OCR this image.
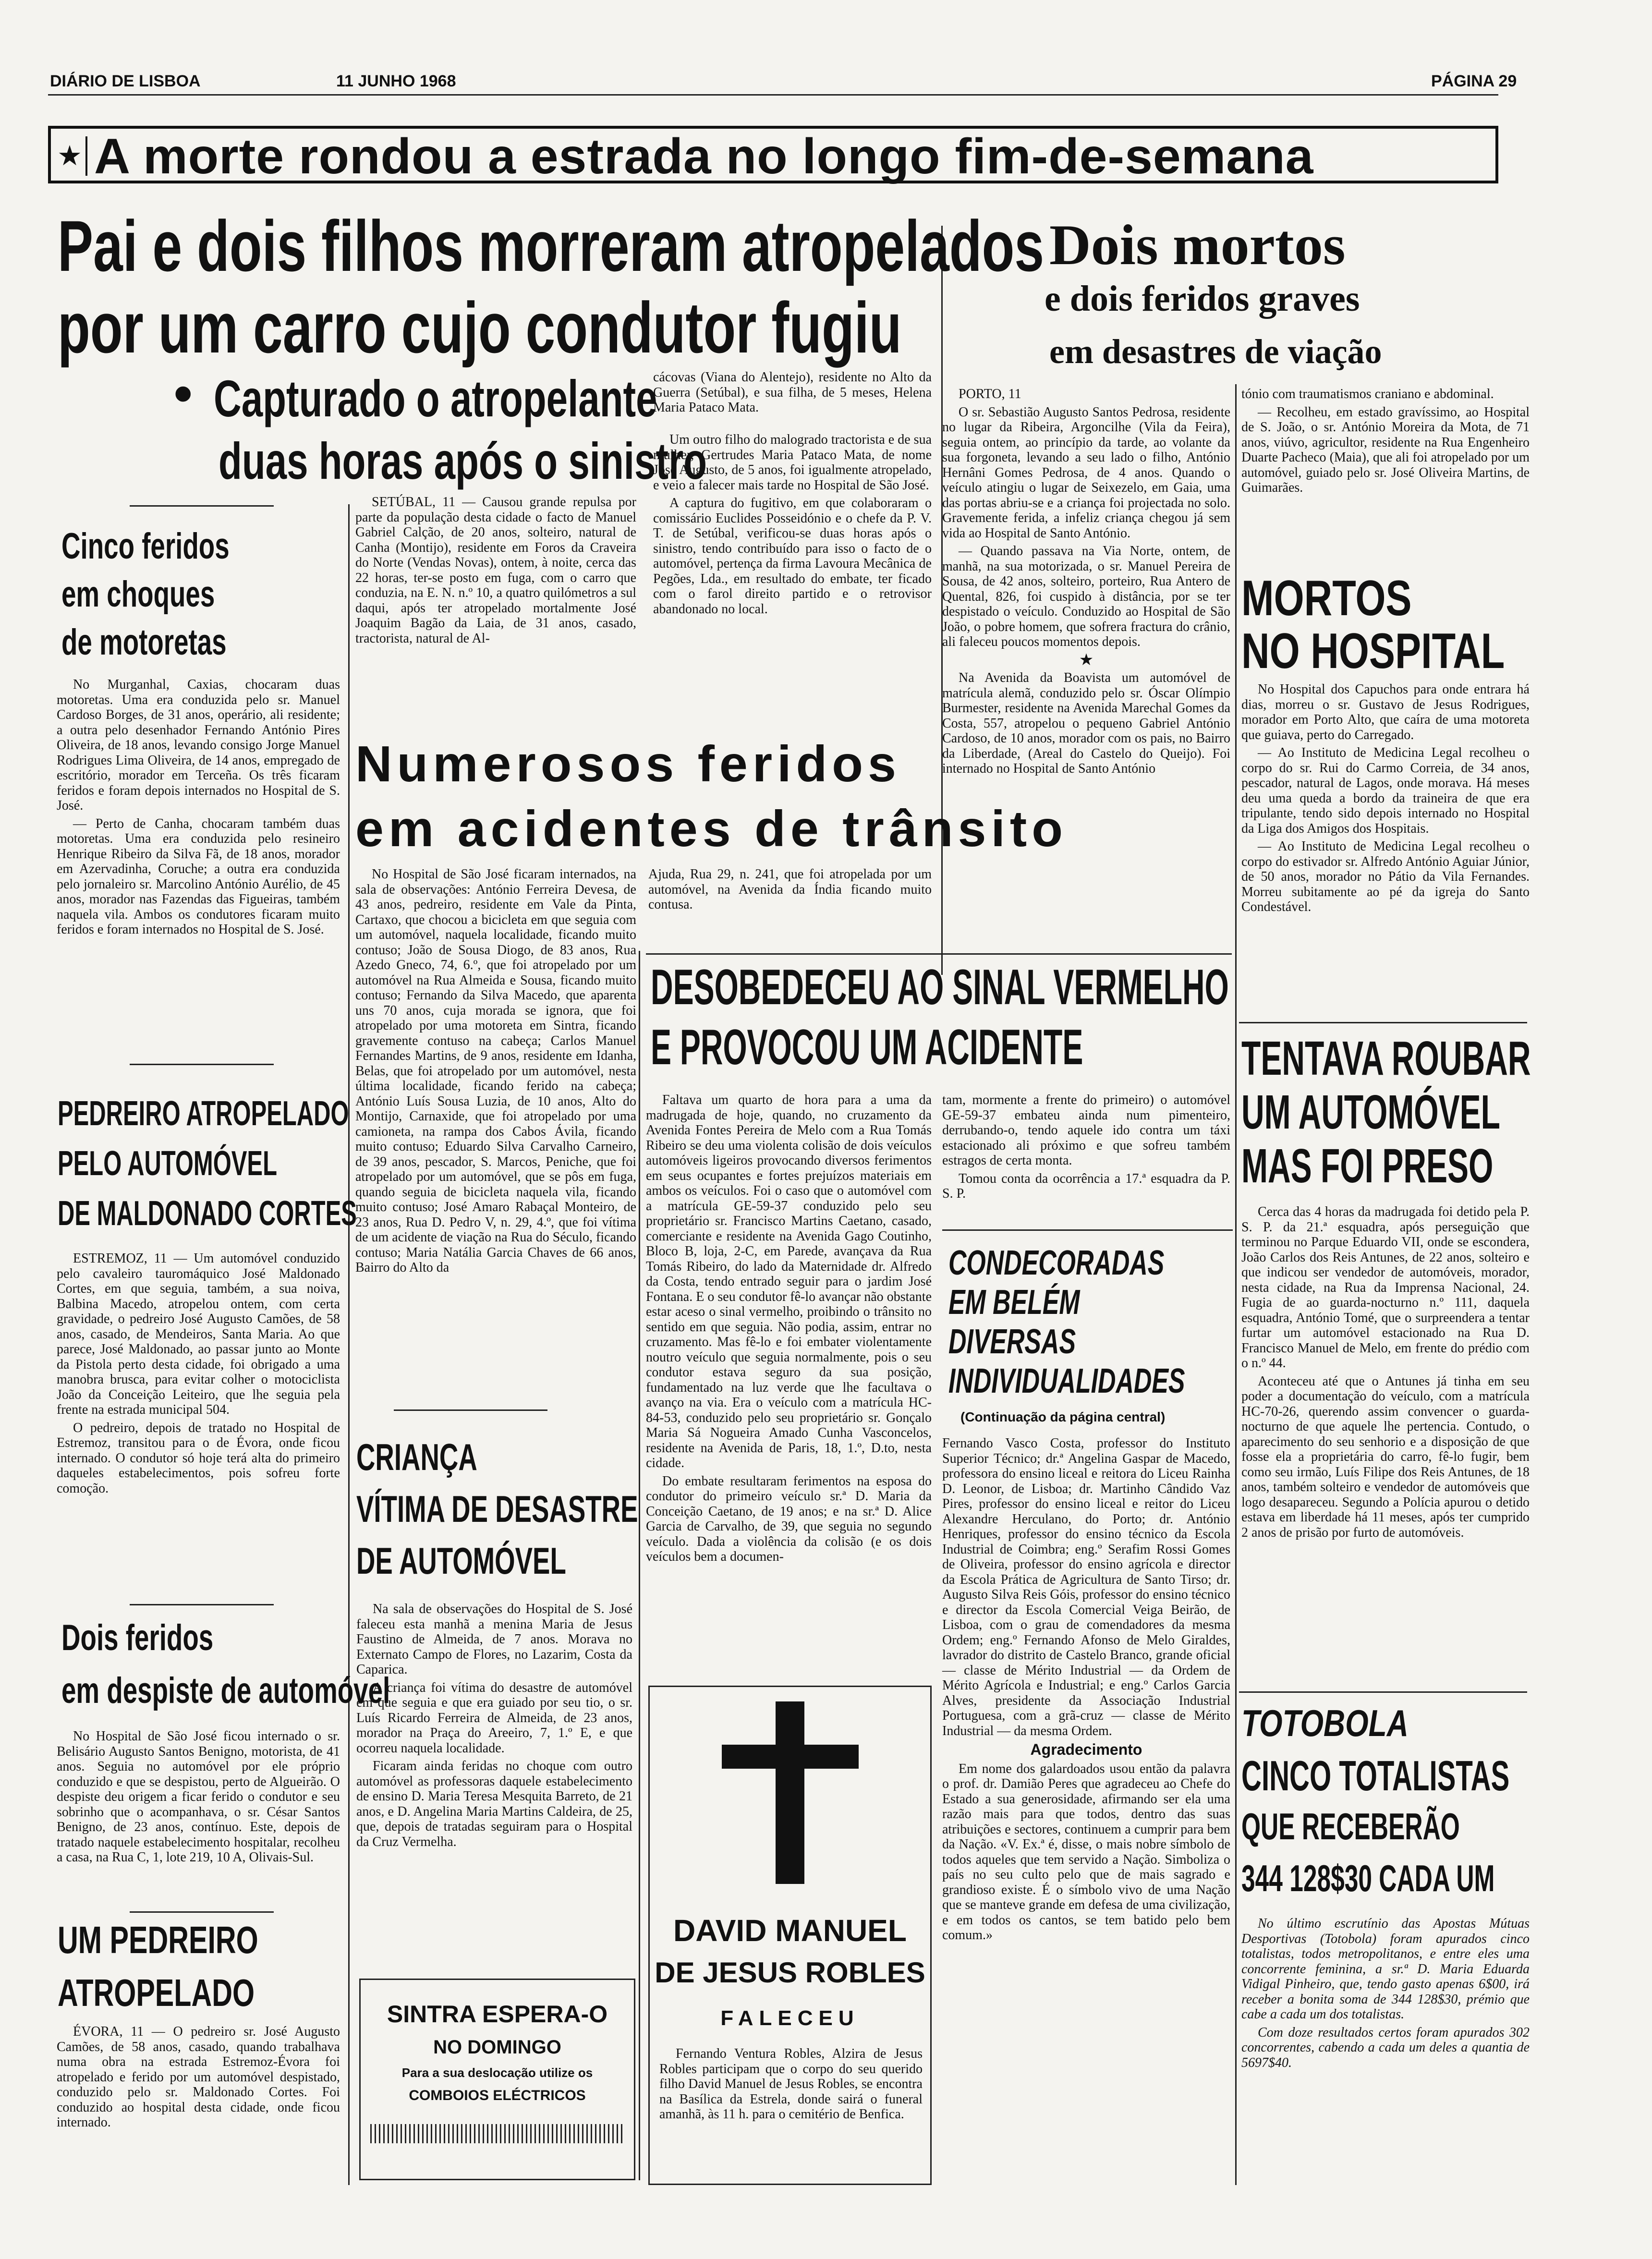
DIÁRIO DE LISBOA	11 JUNHO 1968	PÁGINA 29
★ A morte rondou a estrada no longo fim-de-semana
Pai e dois filhos morreram atropelados
por um carro cujo condutor fugiu
• Capturado o atropelante
duas horas após o sinistro

cácovas (Viana do Alentejo), residente no Alto da Guerra (Setúbal), e sua filha, de 5 meses, Helena Maria Pataco Mata.

Um outro filho do malogrado tractorista e de sua mulher, Gertrudes Maria Pataco Mata, de nome José Augusto, de 5 anos, foi igualmente atropelado, e veio a falecer mais tarde no Hospital de São José.

A captura do fugitivo, em que colaboraram o comissário Euclides Posseidónio e o chefe da P. V. T. de Setúbal, verificou-se duas horas após o sinistro, tendo contribuído para isso o facto de o automóvel, pertença da firma Lavoura Mecânica de Pegões, Lda., em resultado do embate, ter ficado com o farol direito partido e o retrovisor abandonado no local.

SETÚBAL, 11 — Causou grande repulsa por parte da população desta cidade o facto de Manuel Gabriel Calção, de 20 anos, solteiro, natural de Canha (Montijo), residente em Foros da Craveira do Norte (Vendas Novas), ontem, à noite, cerca das 22 horas, ter-se posto em fuga, com o carro que conduzia, na E. N. n.º 10, a quatro quilómetros a sul daqui, após ter atropelado mortalmente José Joaquim Bagão da Laia, de 31 anos, casado, tractorista, natural de Al-

Cinco feridos
em choques
de motoretas

No Murganhal, Caxias, chocaram duas motoretas. Uma era conduzida pelo sr. Manuel Cardoso Borges, de 31 anos, operário, ali residente; a outra pelo desenhador Fernando António Pires Oliveira, de 18 anos, levando consigo Jorge Manuel Rodrigues Lima Oliveira, de 14 anos, empregado de escritório, morador em Terceña. Os três ficaram feridos e foram depois internados no Hospital de S. José.

— Perto de Canha, chocaram também duas motoretas. Uma era conduzida pelo resineiro Henrique Ribeiro da Silva Fã, de 18 anos, morador em Azervadinha, Coruche; a outra era conduzida pelo jornaleiro sr. Marcolino António Aurélio, de 45 anos, morador nas Fazendas das Figueiras, também naquela vila. Ambos os condutores ficaram muito feridos e foram internados no Hospital de S. José.

PEDREIRO ATROPELADO
PELO AUTOMÓVEL
DE MALDONADO CORTES

ESTREMOZ, 11 — Um automóvel conduzido pelo cavaleiro tauromáquico José Maldonado Cortes, em que seguia, também, a sua noiva, Balbina Macedo, atropelou ontem, com certa gravidade, o pedreiro José Augusto Camões, de 58 anos, casado, de Mendeiros, Santa Maria. Ao que parece, José Maldonado, ao passar junto ao Monte da Pistola perto desta cidade, foi obrigado a uma manobra brusca, para evitar colher o motociclista João da Conceição Leiteiro, que lhe seguia pela frente na estrada municipal 504.

O pedreiro, depois de tratado no Hospital de Estremoz, transitou para o de Évora, onde ficou internado. O condutor só hoje terá alta do primeiro daqueles estabelecimentos, pois sofreu forte comoção.

Dois feridos
em despiste de automóvel

No Hospital de São José ficou internado o sr. Belisário Augusto Santos Benigno, motorista, de 41 anos. Seguia no automóvel por ele próprio conduzido e que se despistou, perto de Algueirão. O despiste deu origem a ficar ferido o condutor e seu sobrinho que o acompanhava, o sr. César Santos Benigno, de 23 anos, contínuo. Este, depois de tratado naquele estabelecimento hospitalar, recolheu a casa, na Rua C, 1, lote 219, 10 A, Olivais-Sul.

UM PEDREIRO
ATROPELADO

ÉVORA, 11 — O pedreiro sr. José Augusto Camões, de 58 anos, casado, quando trabalhava numa obra na estrada Estremoz-Évora foi atropelado e ferido por um automóvel despistado, conduzido pelo sr. Maldonado Cortes. Foi conduzido ao hospital desta cidade, onde ficou internado.

Numerosos feridos
em acidentes de trânsito

No Hospital de São José ficaram internados, na sala de observações: António Ferreira Devesa, de 43 anos, pedreiro, residente em Vale da Pinta, Cartaxo, que chocou a bicicleta em que seguia com um automóvel, naquela localidade, ficando muito contuso; João de Sousa Diogo, de 83 anos, Rua Azedo Gneco, 74, 6.º, que foi atropelado por um automóvel na Rua Almeida e Sousa, ficando muito contuso; Fernando da Silva Macedo, que aparenta uns 70 anos, cuja morada se ignora, que foi atropelado por uma motoreta em Sintra, ficando gravemente contuso na cabeça; Carlos Manuel Fernandes Martins, de 9 anos, residente em Idanha, Belas, que foi atropelado por um automóvel, nesta última localidade, ficando ferido na cabeça; António Luís Sousa Luzia, de 10 anos, Alto do Montijo, Carnaxide, que foi atropelado por uma camioneta, na rampa dos Cabos Ávila, ficando muito contuso; Eduardo Silva Carvalho Carneiro, de 39 anos, pescador, S. Marcos, Peniche, que foi atropelado por um automóvel, que se pôs em fuga, quando seguia de bicicleta naquela vila, ficando muito contuso; José Amaro Rabaçal Monteiro, de 23 anos, Rua D. Pedro V, n. 29, 4.º, que foi vítima de um acidente de viação na Rua do Século, ficando contuso; Maria Natália Garcia Chaves de 66 anos, Bairro do Alto da

Ajuda, Rua 29, n. 241, que foi atropelada por um automóvel, na Avenida da Índia ficando muito contusa.

CRIANÇA
VÍTIMA DE DESASTRE
DE AUTOMÓVEL

Na sala de observações do Hospital de S. José faleceu esta manhã a menina Maria de Jesus Faustino de Almeida, de 7 anos. Morava no Externato Campo de Flores, no Lazarim, Costa da Caparica.

A criança foi vítima do desastre de automóvel em que seguia e que era guiado por seu tio, o sr. Luís Ricardo Ferreira de Almeida, de 23 anos, morador na Praça do Areeiro, 7, 1.º E, e que ocorreu naquela localidade.

Ficaram ainda feridas no choque com outro automóvel as professoras daquele estabelecimento de ensino D. Maria Teresa Mesquita Barreto, de 21 anos, e D. Angelina Maria Martins Caldeira, de 25, que, depois de tratadas seguiram para o Hospital da Cruz Vermelha.

SINTRA ESPERA-O
NO DOMINGO
Para a sua deslocação utilize os
COMBOIOS ELÉCTRICOS
DESOBEDECEU AO SINAL VERMELHO
E PROVOCOU UM ACIDENTE

Faltava um quarto de hora para a uma da madrugada de hoje, quando, no cruzamento da Avenida Fontes Pereira de Melo com a Rua Tomás Ribeiro se deu uma violenta colisão de dois veículos automóveis ligeiros provocando diversos ferimentos em seus ocupantes e fortes prejuízos materiais em ambos os veículos. Foi o caso que o automóvel com a matrícula GE-59-37 conduzido pelo seu proprietário sr. Francisco Martins Caetano, casado, comerciante e residente na Avenida Gago Coutinho, Bloco B, loja, 2-C, em Parede, avançava da Rua Tomás Ribeiro, do lado da Maternidade dr. Alfredo da Costa, tendo entrado seguir para o jardim José Fontana. E o seu condutor fê-lo avançar não obstante estar aceso o sinal vermelho, proibindo o trânsito no sentido em que seguia. Não podia, assim, entrar no cruzamento. Mas fê-lo e foi embater violentamente noutro veículo que seguia normalmente, pois o seu condutor estava seguro da sua posição, fundamentado na luz verde que lhe facultava o avanço na via. Era o veículo com a matrícula HC-84-53, conduzido pelo seu proprietário sr. Gonçalo Maria Sá Nogueira Amado Cunha Vasconcelos, residente na Avenida de Paris, 18, 1.º, D.to, nesta cidade.

Do embate resultaram ferimentos na esposa do condutor do primeiro veículo sr.ª D. Maria da Conceição Caetano, de 19 anos; e na sr.ª D. Alice Garcia de Carvalho, de 39, que seguia no segundo veículo. Dada a violência da colisão (e os dois veículos bem a documen-

tam, mormente a frente do primeiro) o automóvel GE-59-37 embateu ainda num pimenteiro, derrubando-o, tendo aquele ido contra um táxi estacionado ali próximo e que sofreu também estragos de certa monta.

Tomou conta da ocorrência a 17.ª esquadra da P. S. P.

DAVID MANUEL
DE JESUS ROBLES
FALECEU

Fernando Ventura Robles, Alzira de Jesus Robles participam que o corpo do seu querido filho David Manuel de Jesus Robles, se encontra na Basílica da Estrela, donde sairá o funeral amanhã, às 11 h. para o cemitério de Benfica.

CONDECORADAS
EM BELÉM
DIVERSAS
INDIVIDUALIDADES
(Continuação da página central)

Fernando Vasco Costa, professor do Instituto Superior Técnico; dr.ª Angelina Gaspar de Macedo, professora do ensino liceal e reitora do Liceu Rainha D. Leonor, de Lisboa; dr. Martinho Cândido Vaz Pires, professor do ensino liceal e reitor do Liceu Alexandre Herculano, do Porto; dr. António Henriques, professor do ensino técnico da Escola Industrial de Coimbra; eng.º Serafim Rossi Gomes de Oliveira, professor do ensino agrícola e director da Escola Prática de Agricultura de Santo Tirso; dr. Augusto Silva Reis Góis, professor do ensino técnico e director da Escola Comercial Veiga Beirão, de Lisboa, com o grau de comendadores da mesma Ordem; eng.º Fernando Afonso de Melo Giraldes, lavrador do distrito de Castelo Branco, grande oficial — classe de Mérito Industrial — da Ordem de Mérito Agrícola e Industrial; e eng.º Carlos Garcia Alves, presidente da Associação Industrial Portuguesa, com a grã-cruz — classe de Mérito Industrial — da mesma Ordem.

Agradecimento

Em nome dos galardoados usou então da palavra o prof. dr. Damião Peres que agradeceu ao Chefe do Estado a sua generosidade, afirmando ser ela uma razão mais para que todos, dentro das suas atribuições e sectores, continuem a cumprir para bem da Nação. «V. Ex.ª é, disse, o mais nobre símbolo de todos aqueles que tem servido a Nação. Simboliza o país no seu culto pelo que de mais sagrado e grandioso existe. É o símbolo vivo de uma Nação que se manteve grande em defesa de uma civilização, e em todos os cantos, se tem batido pelo bem comum.»

Dois mortos
e dois feridos graves
em desastres de viação

PORTO, 11

O sr. Sebastião Augusto Santos Pedrosa, residente no lugar da Ribeira, Argoncilhe (Vila da Feira), seguia ontem, ao princípio da tarde, ao volante da sua forgoneta, levando a seu lado o filho, António Hernâni Gomes Pedrosa, de 4 anos. Quando o veículo atingiu o lugar de Seixezelo, em Gaia, uma das portas abriu-se e a criança foi projectada no solo. Gravemente ferida, a infeliz criança chegou já sem vida ao Hospital de Santo António.

— Quando passava na Via Norte, ontem, de manhã, na sua motorizada, o sr. Manuel Pereira de Sousa, de 42 anos, solteiro, porteiro, Rua Antero de Quental, 826, foi cuspido à distância, por se ter despistado o veículo. Conduzido ao Hospital de São João, o pobre homem, que sofrera fractura do crânio, ali faleceu poucos momentos depois.

★

Na Avenida da Boavista um automóvel de matrícula alemã, conduzido pelo sr. Óscar Olímpio Burmester, residente na Avenida Marechal Gomes da Costa, 557, atropelou o pequeno Gabriel António Cardoso, de 10 anos, morador com os pais, no Bairro da Liberdade, (Areal do Castelo do Queijo). Foi internado no Hospital de Santo António

tónio com traumatismos craniano e abdominal.

— Recolheu, em estado gravíssimo, ao Hospital de S. João, o sr. António Moreira da Mota, de 71 anos, viúvo, agricultor, residente na Rua Engenheiro Duarte Pacheco (Maia), que ali foi atropelado por um automóvel, guiado pelo sr. José Oliveira Martins, de Guimarães.

MORTOS
NO HOSPITAL

No Hospital dos Capuchos para onde entrara há dias, morreu o sr. Gustavo de Jesus Rodrigues, morador em Porto Alto, que caíra de uma motoreta que guiava, perto do Carregado.

— Ao Instituto de Medicina Legal recolheu o corpo do sr. Rui do Carmo Correia, de 34 anos, pescador, natural de Lagos, onde morava. Há meses deu uma queda a bordo da traineira de que era tripulante, tendo sido depois internado no Hospital da Liga dos Amigos dos Hospitais.

— Ao Instituto de Medicina Legal recolheu o corpo do estivador sr. Alfredo António Aguiar Júnior, de 50 anos, morador no Pátio da Vila Fernandes. Morreu subitamente ao pé da igreja do Santo Condestável.

TENTAVA ROUBAR
UM AUTOMÓVEL
MAS FOI PRESO

Cerca das 4 horas da madrugada foi detido pela P. S. P. da 21.ª esquadra, após perseguição que terminou no Parque Eduardo VII, onde se escondera, João Carlos dos Reis Antunes, de 22 anos, solteiro e que indicou ser vendedor de automóveis, morador, nesta cidade, na Rua da Imprensa Nacional, 24. Fugia de ao guarda-nocturno n.º 111, daquela esquadra, António Tomé, que o surpreendera a tentar furtar um automóvel estacionado na Rua D. Francisco Manuel de Melo, em frente do prédio com o n.º 44.

Aconteceu até que o Antunes já tinha em seu poder a documentação do veículo, com a matrícula HC-70-26, querendo assim convencer o guarda-nocturno de que aquele lhe pertencia. Contudo, o aparecimento do seu senhorio e a disposição de que fosse ela a proprietária do carro, fê-lo fugir, bem como seu irmão, Luís Filipe dos Reis Antunes, de 18 anos, também solteiro e vendedor de automóveis que logo desapareceu. Segundo a Polícia apurou o detido estava em liberdade há 11 meses, após ter cumprido 2 anos de prisão por furto de automóveis.

TOTOBOLA
CINCO TOTALISTAS
QUE RECEBERÃO
344 128$30 CADA UM

No último escrutínio das Apostas Mútuas Desportivas (Totobola) foram apurados cinco totalistas, todos metropolitanos, e entre eles uma concorrente feminina, a sr.ª D. Maria Eduarda Vidigal Pinheiro, que, tendo gasto apenas 6$00, irá receber a bonita soma de 344 128$30, prémio que cabe a cada um dos totalistas.

Com doze resultados certos foram apurados 302 concorrentes, cabendo a cada um deles a quantia de 5697$40.
